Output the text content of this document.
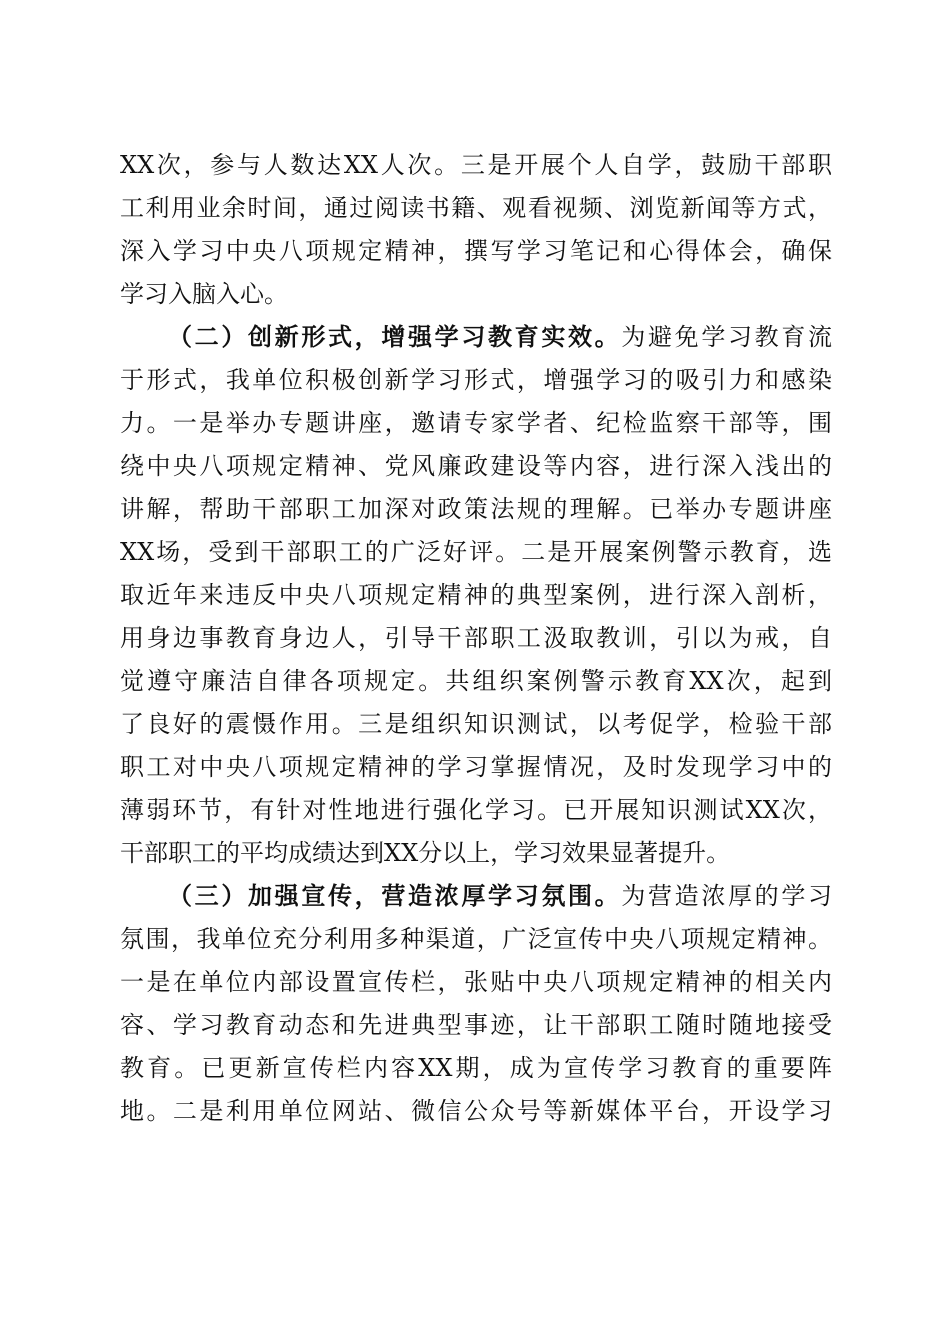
XX次，参与人数达XX人次。三是开展个人自学，鼓励干部职
工利用业余时间，通过阅读书籍、观看视频、浏览新闻等方式，
深入学习中央八项规定精神，撰写学习笔记和心得体会，确保
学习入脑入心。
（二）创新形式，增强学习教育实效。为避免学习教育流
于形式，我单位积极创新学习形式，增强学习的吸引力和感染
力。一是举办专题讲座，邀请专家学者、纪检监察干部等，围
绕中央八项规定精神、党风廉政建设等内容，进行深入浅出的
讲解，帮助干部职工加深对政策法规的理解。已举办专题讲座
XX场，受到干部职工的广泛好评。二是开展案例警示教育，选
取近年来违反中央八项规定精神的典型案例，进行深入剖析，
用身边事教育身边人，引导干部职工汲取教训，引以为戒，自
觉遵守廉洁自律各项规定。共组织案例警示教育XX次，起到
了良好的震慑作用。三是组织知识测试，以考促学，检验干部
职工对中央八项规定精神的学习掌握情况，及时发现学习中的
薄弱环节，有针对性地进行强化学习。已开展知识测试XX次，
干部职工的平均成绩达到XX分以上，学习效果显著提升。
（三）加强宣传，营造浓厚学习氛围。为营造浓厚的学习
氛围，我单位充分利用多种渠道，广泛宣传中央八项规定精神。
一是在单位内部设置宣传栏，张贴中央八项规定精神的相关内
容、学习教育动态和先进典型事迹，让干部职工随时随地接受
教育。已更新宣传栏内容XX期，成为宣传学习教育的重要阵
地。二是利用单位网站、微信公众号等新媒体平台，开设学习
